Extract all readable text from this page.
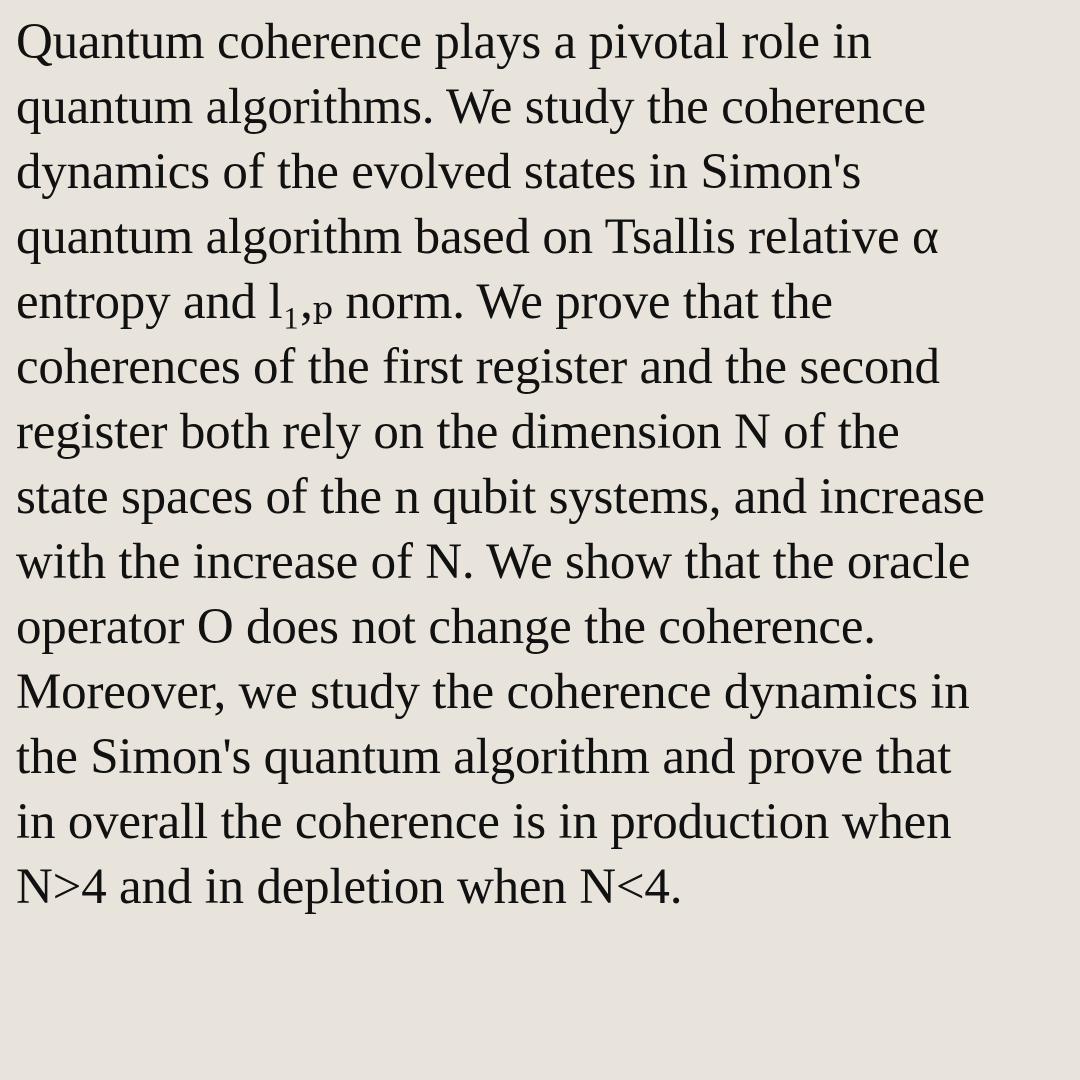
Quantum coherence plays a pivotal role in
quantum algorithms. We study the coherence
dynamics of the evolved states in Simon's
quantum algorithm based on Tsallis relative α
entropy and l₁,ₚ norm. We prove that the
coherences of the first register and the second
register both rely on the dimension N of the
state spaces of the n qubit systems, and increase
with the increase of N. We show that the oracle
operator O does not change the coherence.
Moreover, we study the coherence dynamics in
the Simon's quantum algorithm and prove that
in overall the coherence is in production when
N>4 and in depletion when N<4.
